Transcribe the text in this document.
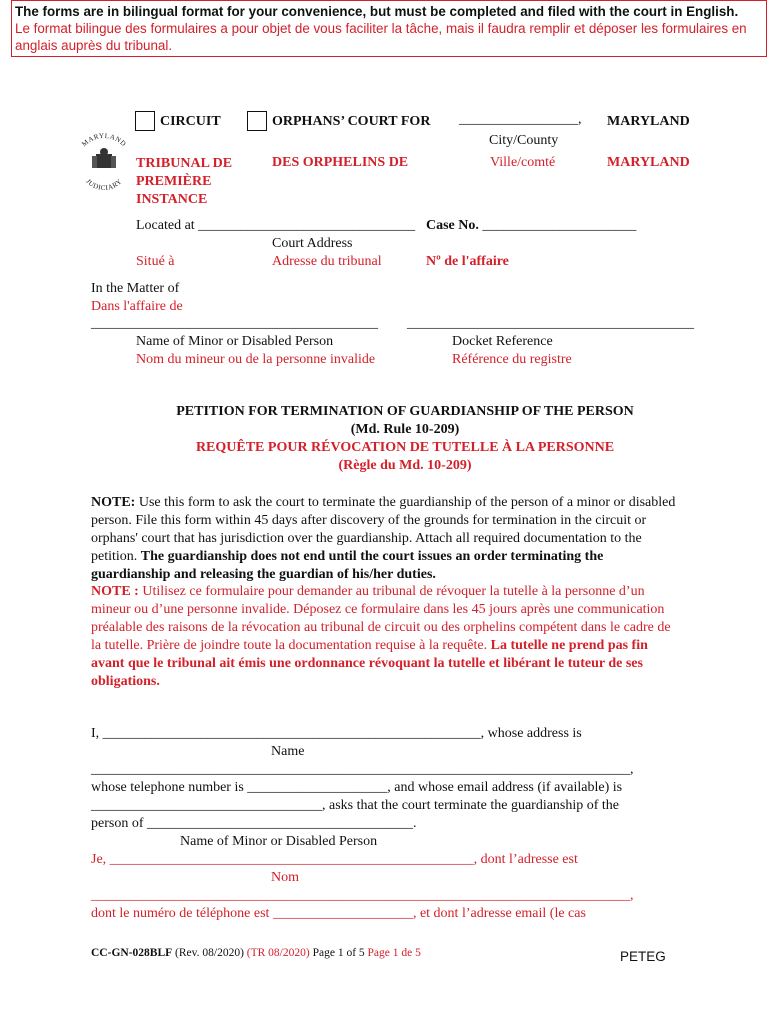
The forms are in bilingual format for your convenience, but must be completed and filed with the court in English.
Le format bilingue des formulaires a pour objet de vous faciliter la tâche, mais il faudra remplir et déposer les formulaires en anglais auprès du tribunal.
MARYLAND
JUDICIARY
CIRCUIT	ORPHANS’ COURT FOR _________________, MARYLAND
City/County
TRIBUNAL DE
PREMIÈRE
INSTANCE
DES ORPHELINS DE	Ville/comté	MARYLAND
Located at _______________________________ Case No. ______________________
Court Address
Situé à	Adresse du tribunal	Nº de l'affaire
In the Matter of
Dans l'affaire de
_________________________________________ _________________________________________
Name of Minor or Disabled Person	Docket Reference
Nom du mineur ou de la personne invalide	Référence du registre
PETITION FOR TERMINATION OF GUARDIANSHIP OF THE PERSON
(Md. Rule 10-209)
REQUÊTE POUR RÉVOCATION DE TUTELLE À LA PERSONNE
(Règle du Md. 10-209)
NOTE: Use this form to ask the court to terminate the guardianship of the person of a minor or disabled person. File this form within 45 days after discovery of the grounds for termination in the circuit or orphans' court that has jurisdiction over the guardianship. Attach all required documentation to the petition. The guardianship does not end until the court issues an order terminating the guardianship and releasing the guardian of his/her duties.
NOTE : Utilisez ce formulaire pour demander au tribunal de révoquer la tutelle à la personne d’un mineur ou d’une personne invalide. Déposez ce formulaire dans les 45 jours après une communication préalable des raisons de la révocation au tribunal de circuit ou des orphelins compétent dans le cadre de la tutelle. Prière de joindre toute la documentation requise à la requête. La tutelle ne prend pas fin avant que le tribunal ait émis une ordonnance révoquant la tutelle et libérant le tuteur de ses obligations.
I, ______________________________________________________, whose address is
Name
_____________________________________________________________________________,
whose telephone number is ____________________, and whose email address (if available) is
_________________________________, asks that the court terminate the guardianship of the
person of ______________________________________.
Name of Minor or Disabled Person
Je, ____________________________________________________, dont l’adresse est
Nom
_____________________________________________________________________________,
dont le numéro de téléphone est ____________________, et dont l’adresse email (le cas
CC-GN-028BLF (Rev. 08/2020) (TR 08/2020) Page 1 of 5 Page 1 de 5	PETEG
